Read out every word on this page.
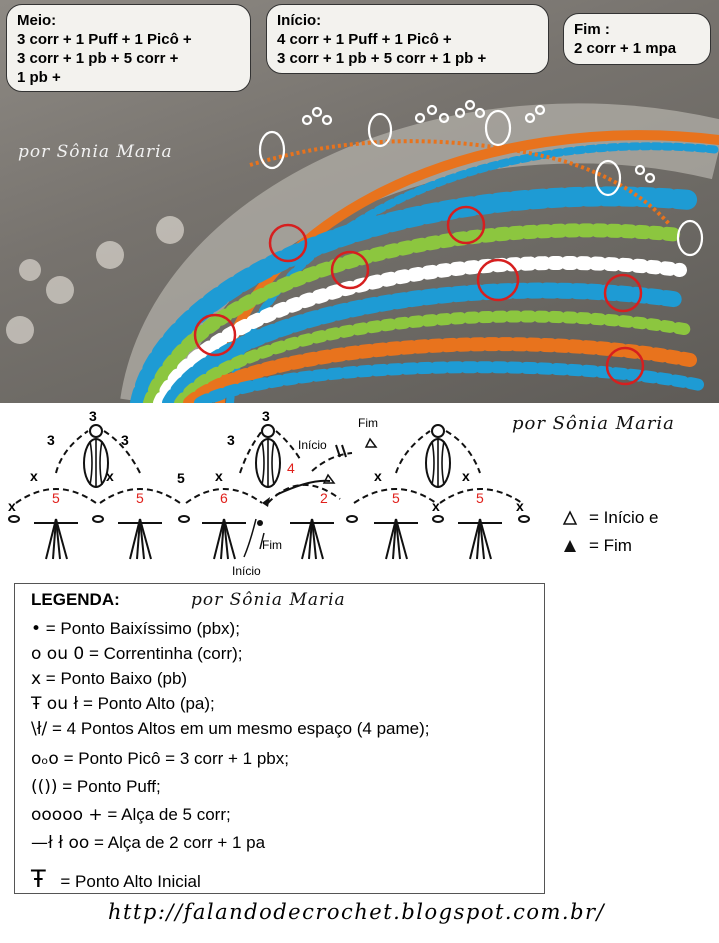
Meio:
3 corr + 1 Puff + 1 Picô +
3 corr + 1 pb + 5 corr +
1 pb +
Início:
4 corr + 1 Puff + 1 Picô +
3 corr + 1 pb + 5 corr + 1 pb +
Fim :
2 corr + 1 mpa
por Sônia Maria
por Sônia Maria
3
3
3	3
3
5
5	5	6
4
2	5	5
x
x	x	x	x	x
x	x
Início
Fim
Fim
Início
= Início e
= Fim
LEGENDA:	por Sônia Maria
• = Ponto Baixíssimo (pbx);
o ou 0 = Correntinha (corr);
x = Ponto Baixo (pb)
Ŧ ou ł = Ponto Alto (pa);
\ł/ = 4 Pontos Altos em um mesmo espaço (4 pame);
oₒo = Ponto Picô = 3 corr + 1 pbx;
(()) = Ponto Puff;
ooooo + = Alça de 5 corr;
—ł ł oo = Alça de 2 corr + 1 pa
Ŧ = Ponto Alto Inicial
http://falandodecrochet.blogspot.com.br/
